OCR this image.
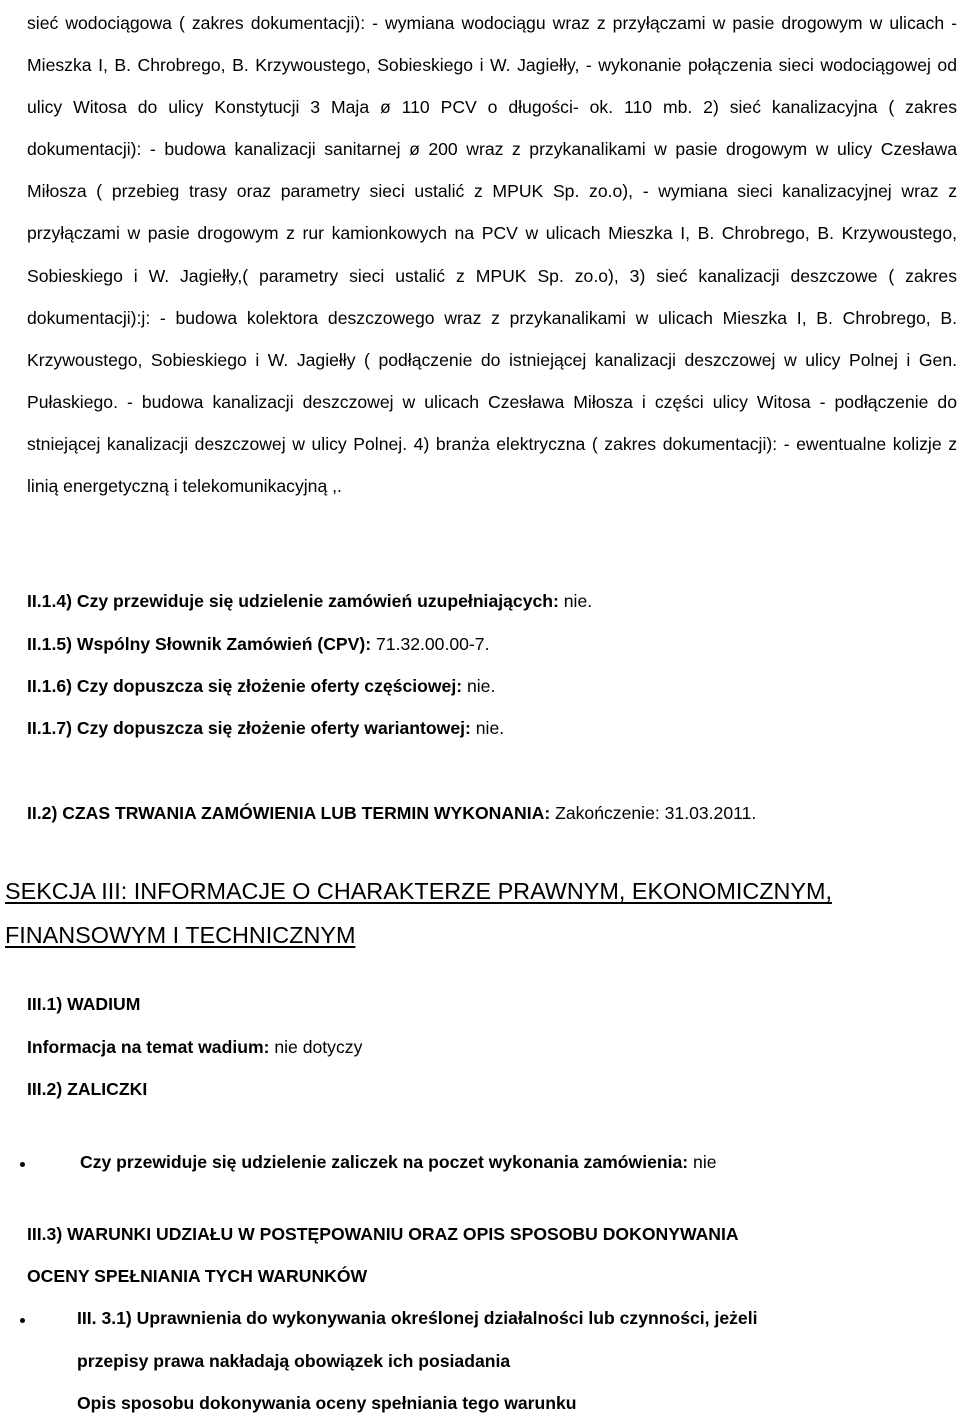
sieć wodociągowa ( zakres dokumentacji): - wymiana wodociągu wraz z przyłączami w pasie drogowym w ulicach - Mieszka I, B. Chrobrego, B. Krzywoustego, Sobieskiego i W. Jagiełły, - wykonanie połączenia sieci wodociągowej od ulicy Witosa do ulicy Konstytucji 3 Maja ø 110 PCV o długości- ok. 110 mb. 2) sieć kanalizacyjna ( zakres dokumentacji): - budowa kanalizacji sanitarnej ø 200 wraz z przykanalikami w pasie drogowym w ulicy Czesława Miłosza ( przebieg trasy oraz parametry sieci ustalić z MPUK Sp. zo.o), - wymiana sieci kanalizacyjnej wraz z przyłączami w pasie drogowym z rur kamionkowych na PCV w ulicach Mieszka I, B. Chrobrego, B. Krzywoustego, Sobieskiego i W. Jagiełły,( parametry sieci ustalić z MPUK Sp. zo.o), 3) sieć kanalizacji deszczowe ( zakres dokumentacji):j: - budowa kolektora deszczowego wraz z przykanalikami w ulicach Mieszka I, B. Chrobrego, B. Krzywoustego, Sobieskiego i W. Jagiełły ( podłączenie do istniejącej kanalizacji deszczowej w ulicy Polnej i Gen. Pułaskiego. - budowa kanalizacji deszczowej w ulicach Czesława Miłosza i części ulicy Witosa - podłączenie do stniejącej kanalizacji deszczowej w ulicy Polnej. 4) branża elektryczna ( zakres dokumentacji): - ewentualne kolizje z linią energetyczną i telekomunikacyjną ,.

II.1.4) Czy przewiduje się udzielenie zamówień uzupełniających: nie.

II.1.5) Wspólny Słownik Zamówień (CPV): 71.32.00.00-7.

II.1.6) Czy dopuszcza się złożenie oferty częściowej: nie.

II.1.7) Czy dopuszcza się złożenie oferty wariantowej: nie.

II.2) CZAS TRWANIA ZAMÓWIENIA LUB TERMIN WYKONANIA: Zakończenie: 31.03.2011.

SEKCJA III: INFORMACJE O CHARAKTERZE PRAWNYM, EKONOMICZNYM,

FINANSOWYM I TECHNICZNYM

III.1) WADIUM

Informacja na temat wadium: nie dotyczy

III.2) ZALICZKI

Czy przewiduje się udzielenie zaliczek na poczet wykonania zamówienia: nie

III.3) WARUNKI UDZIAŁU W POSTĘPOWANIU ORAZ OPIS SPOSOBU DOKONYWANIA

OCENY SPEŁNIANIA TYCH WARUNKÓW

III. 3.1) Uprawnienia do wykonywania określonej działalności lub czynności, jeżeli

przepisy prawa nakładają obowiązek ich posiadania

Opis sposobu dokonywania oceny spełniania tego warunku
